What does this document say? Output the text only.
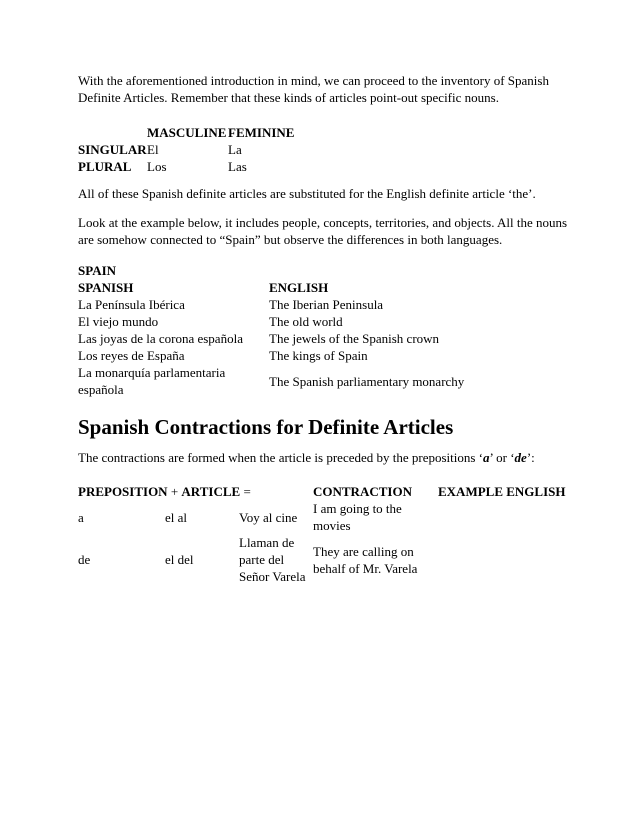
With the aforementioned introduction in mind, we can proceed to the inventory of Spanish Definite Articles. Remember that these kinds of articles point-out specific nouns.

	MASCULINE	FEMININE
SINGULAR	El	La
PLURAL	Los	Las

All of these Spanish definite articles are substituted for the English definite article ‘the’.

Look at the example below, it includes people, concepts, territories, and objects. All the nouns are somehow connected to “Spain” but observe the differences in both languages.

SPAIN	
SPANISH	ENGLISH
La Península Ibérica	The Iberian Peninsula
El viejo mundo	The old world
Las joyas de la corona española	The jewels of the Spanish crown
Los reyes de España	The kings of Spain
La monarquía parlamentaria española	The Spanish parliamentary monarchy
Spanish Contractions for Definite Articles

The contractions are formed when the article is preceded by the prepositions ‘a’ or ‘de’:

PREPOSITION + ARTICLE =			CONTRACTION	EXAMPLE ENGLISH
a	el al	Voy al cine	I am going to the movies	
de	el del	Llaman de parte del Señor Varela	They are calling on behalf of Mr. Varela	
